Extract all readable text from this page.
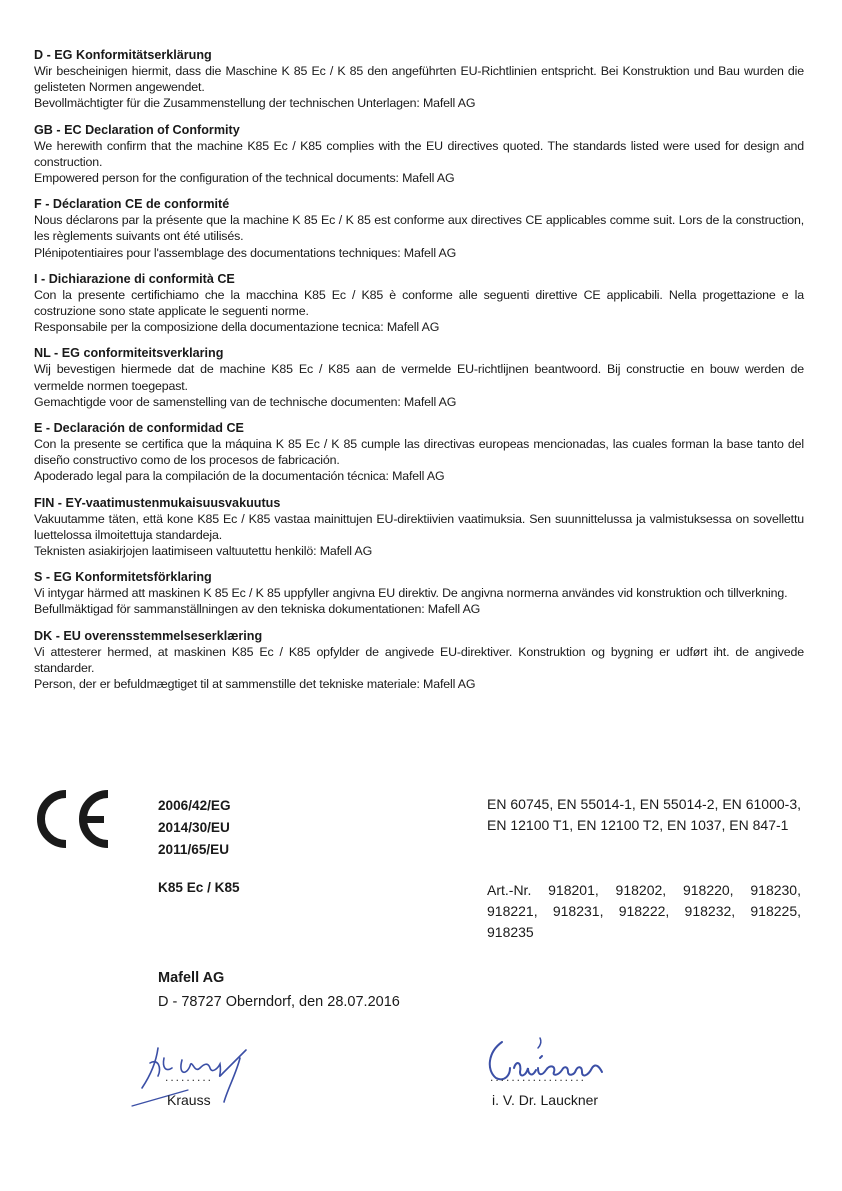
D - EG Konformitätserklärung

Wir bescheinigen hiermit, dass die Maschine K 85 Ec / K 85 den angeführten EU-Richtlinien entspricht. Bei Konstruktion und Bau wurden die gelisteten Normen angewendet.

Bevollmächtigter für die Zusammenstellung der technischen Unterlagen: Mafell AG

GB - EC Declaration of Conformity

We herewith confirm that the machine K85 Ec / K85 complies with the EU directives quoted. The standards listed were used for design and construction.

Empowered person for the configuration of the technical documents: Mafell AG

F - Déclaration CE de conformité

Nous déclarons par la présente que la machine K 85 Ec / K 85 est conforme aux directives CE applicables comme suit. Lors de la construction, les règlements suivants ont été utilisés.

Plénipotentiaires pour l'assemblage des documentations techniques: Mafell AG

I - Dichiarazione di conformità CE

Con la presente certifichiamo che la macchina K85 Ec / K85 è conforme alle seguenti direttive CE applicabili. Nella progettazione e la costruzione sono state applicate le seguenti norme.

Responsabile per la composizione della documentazione tecnica: Mafell AG

NL - EG conformiteitsverklaring

Wij bevestigen hiermede dat de machine K85 Ec / K85 aan de vermelde EU-richtlijnen beantwoord. Bij constructie en bouw werden de vermelde normen toegepast.

Gemachtigde voor de samenstelling van de technische documenten: Mafell AG

E - Declaración de conformidad CE

Con la presente se certifica que la máquina K 85 Ec / K 85 cumple las directivas europeas mencionadas, las cuales forman la base tanto del diseño constructivo como de los procesos de fabricación.

Apoderado legal para la compilación de la documentación técnica: Mafell AG

FIN - EY-vaatimustenmukaisuusvakuutus

Vakuutamme täten, että kone K85 Ec / K85 vastaa mainittujen EU-direktiivien vaatimuksia. Sen suunnittelussa ja valmistuksessa on sovellettu luettelossa ilmoitettuja standardeja.

Teknisten asiakirjojen laatimiseen valtuutettu henkilö: Mafell AG

S - EG Konformitetsförklaring

Vi intygar härmed att maskinen K 85 Ec / K 85 uppfyller angivna EU direktiv. De angivna normerna användes vid konstruktion och tillverkning.

Befullmäktigad för sammanställningen av den tekniska dokumentationen: Mafell AG

DK - EU overensstemmelseserklæring

Vi attesterer hermed, at maskinen K85 Ec / K85 opfylder de angivede EU-direktiver. Konstruktion og bygning er udført iht. de angivede standarder.

Person, der er befuldmægtiget til at sammenstille det tekniske materiale: Mafell AG

2006/42/EG
2014/30/EU
2011/65/EU
EN 60745, EN 55014-1, EN 55014-2, EN 61000-3, EN 12100 T1, EN 12100 T2, EN 1037, EN 847-1
K85 Ec / K85	Art.-Nr. 918201, 918202, 918220, 918230, 918221, 918231, 918222, 918232, 918225, 918235
Mafell AG
D - 78727 Oberndorf, den 28.07.2016
.........
Krauss
..................
i. V. Dr. Lauckner
